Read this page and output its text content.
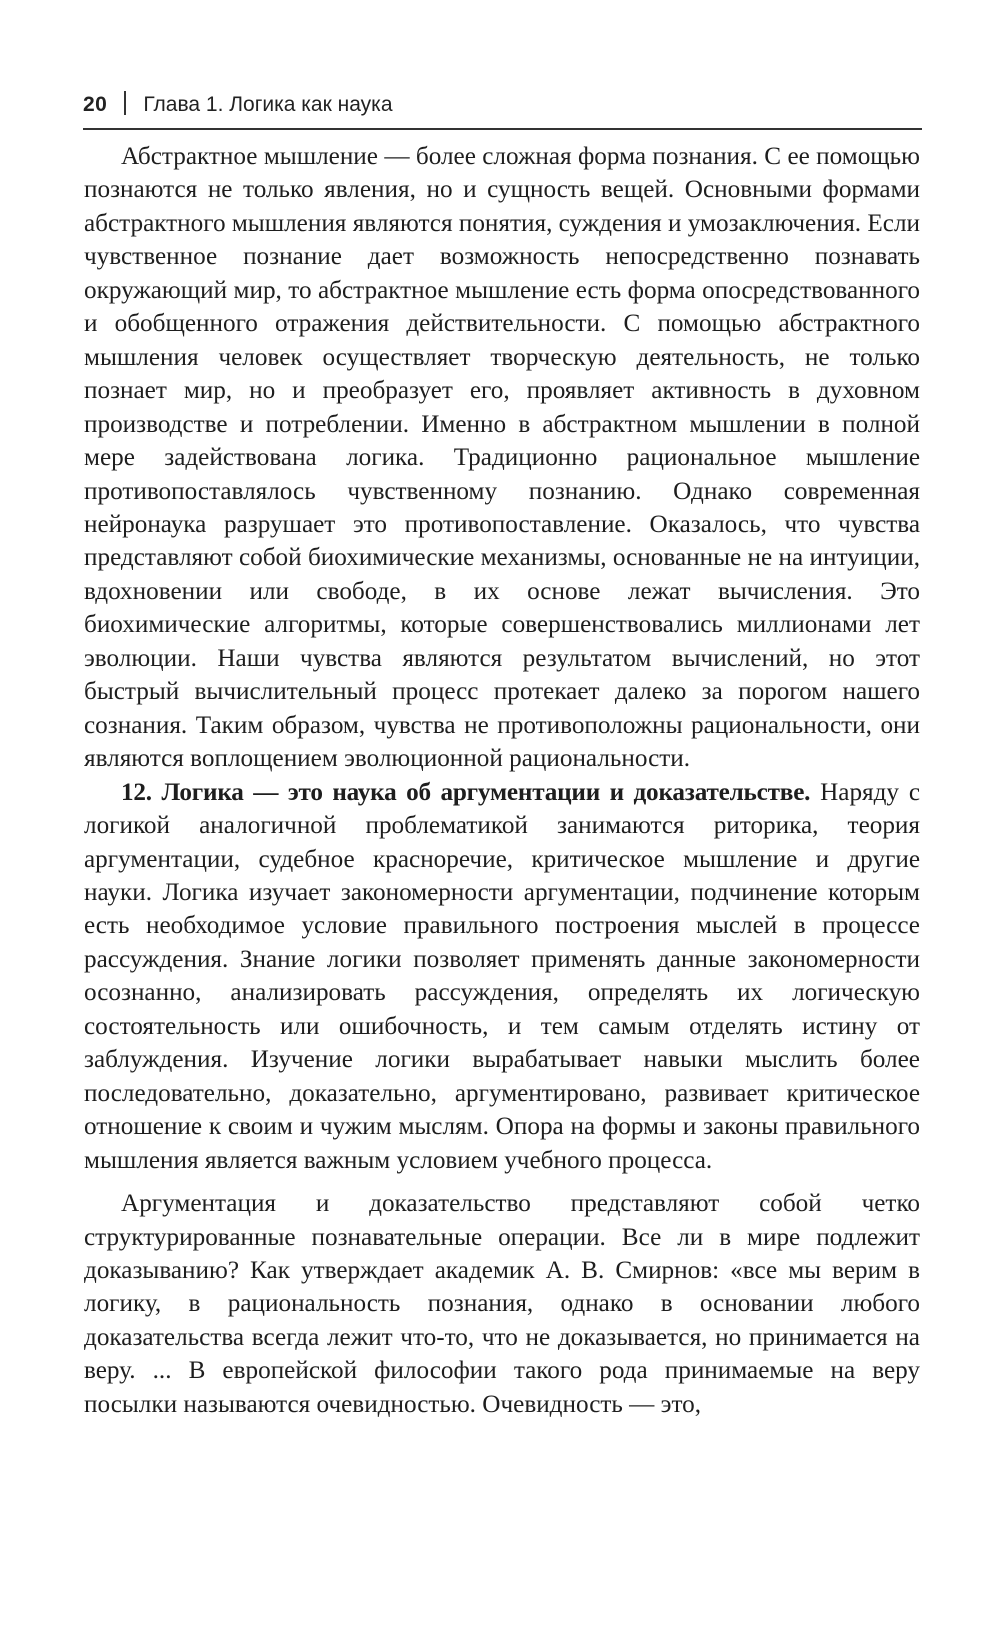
20 Глава 1. Логика как наука

Абстрактное мышление — более сложная форма познания. С ее помощью познаются не только явления, но и сущность вещей. Основными формами абстрактного мышления являются понятия, суждения и умозаключения. Если чувственное познание дает возможность непосредственно познавать окружающий мир, то абстрактное мышление есть форма опосредствованного и обобщенного отражения действительности. С помощью абстрактного мышления человек осуществляет творческую деятельность, не только познает мир, но и преобразует его, проявляет активность в духовном производстве и потреблении. Именно в абстрактном мышлении в полной мере задействована логика. Традиционно рациональное мышление противопоставлялось чувственному познанию. Однако современная нейронаука разрушает это противопоставление. Оказалось, что чувства представляют собой биохимические механизмы, основанные не на интуиции, вдохновении или свободе, в их основе лежат вычисления. Это биохимические алгоритмы, которые совершенствовались миллионами лет эволюции. Наши чувства являются результатом вычислений, но этот быстрый вычислительный процесс протекает далеко за порогом нашего сознания. Таким образом, чувства не противоположны рациональности, они являются воплощением эволюционной рациональности.

12. Логика — это наука об аргументации и доказательстве. Наряду с логикой аналогичной проблематикой занимаются риторика, теория аргументации, судебное красноречие, критическое мышление и другие науки. Логика изучает закономерности аргументации, подчинение которым есть необходимое условие правильного построения мыслей в процессе рассуждения. Знание логики позволяет применять данные закономерности осознанно, анализировать рассуждения, определять их логическую состоятельность или ошибочность, и тем самым отделять истину от заблуждения. Изучение логики вырабатывает навыки мыслить более последовательно, доказательно, аргументировано, развивает критическое отношение к своим и чужим мыслям. Опора на формы и законы правильного мышления является важным условием учебного процесса.

Аргументация и доказательство представляют собой четко структурированные познавательные операции. Все ли в мире подлежит доказыванию? Как утверждает академик А. В. Смирнов: «все мы верим в логику, в рациональность познания, однако в основании любого доказательства всегда лежит что-то, что не доказывается, но принимается на веру. ... В европейской философии такого рода принимаемые на веру посылки называются очевидностью. Очевидность — это,
